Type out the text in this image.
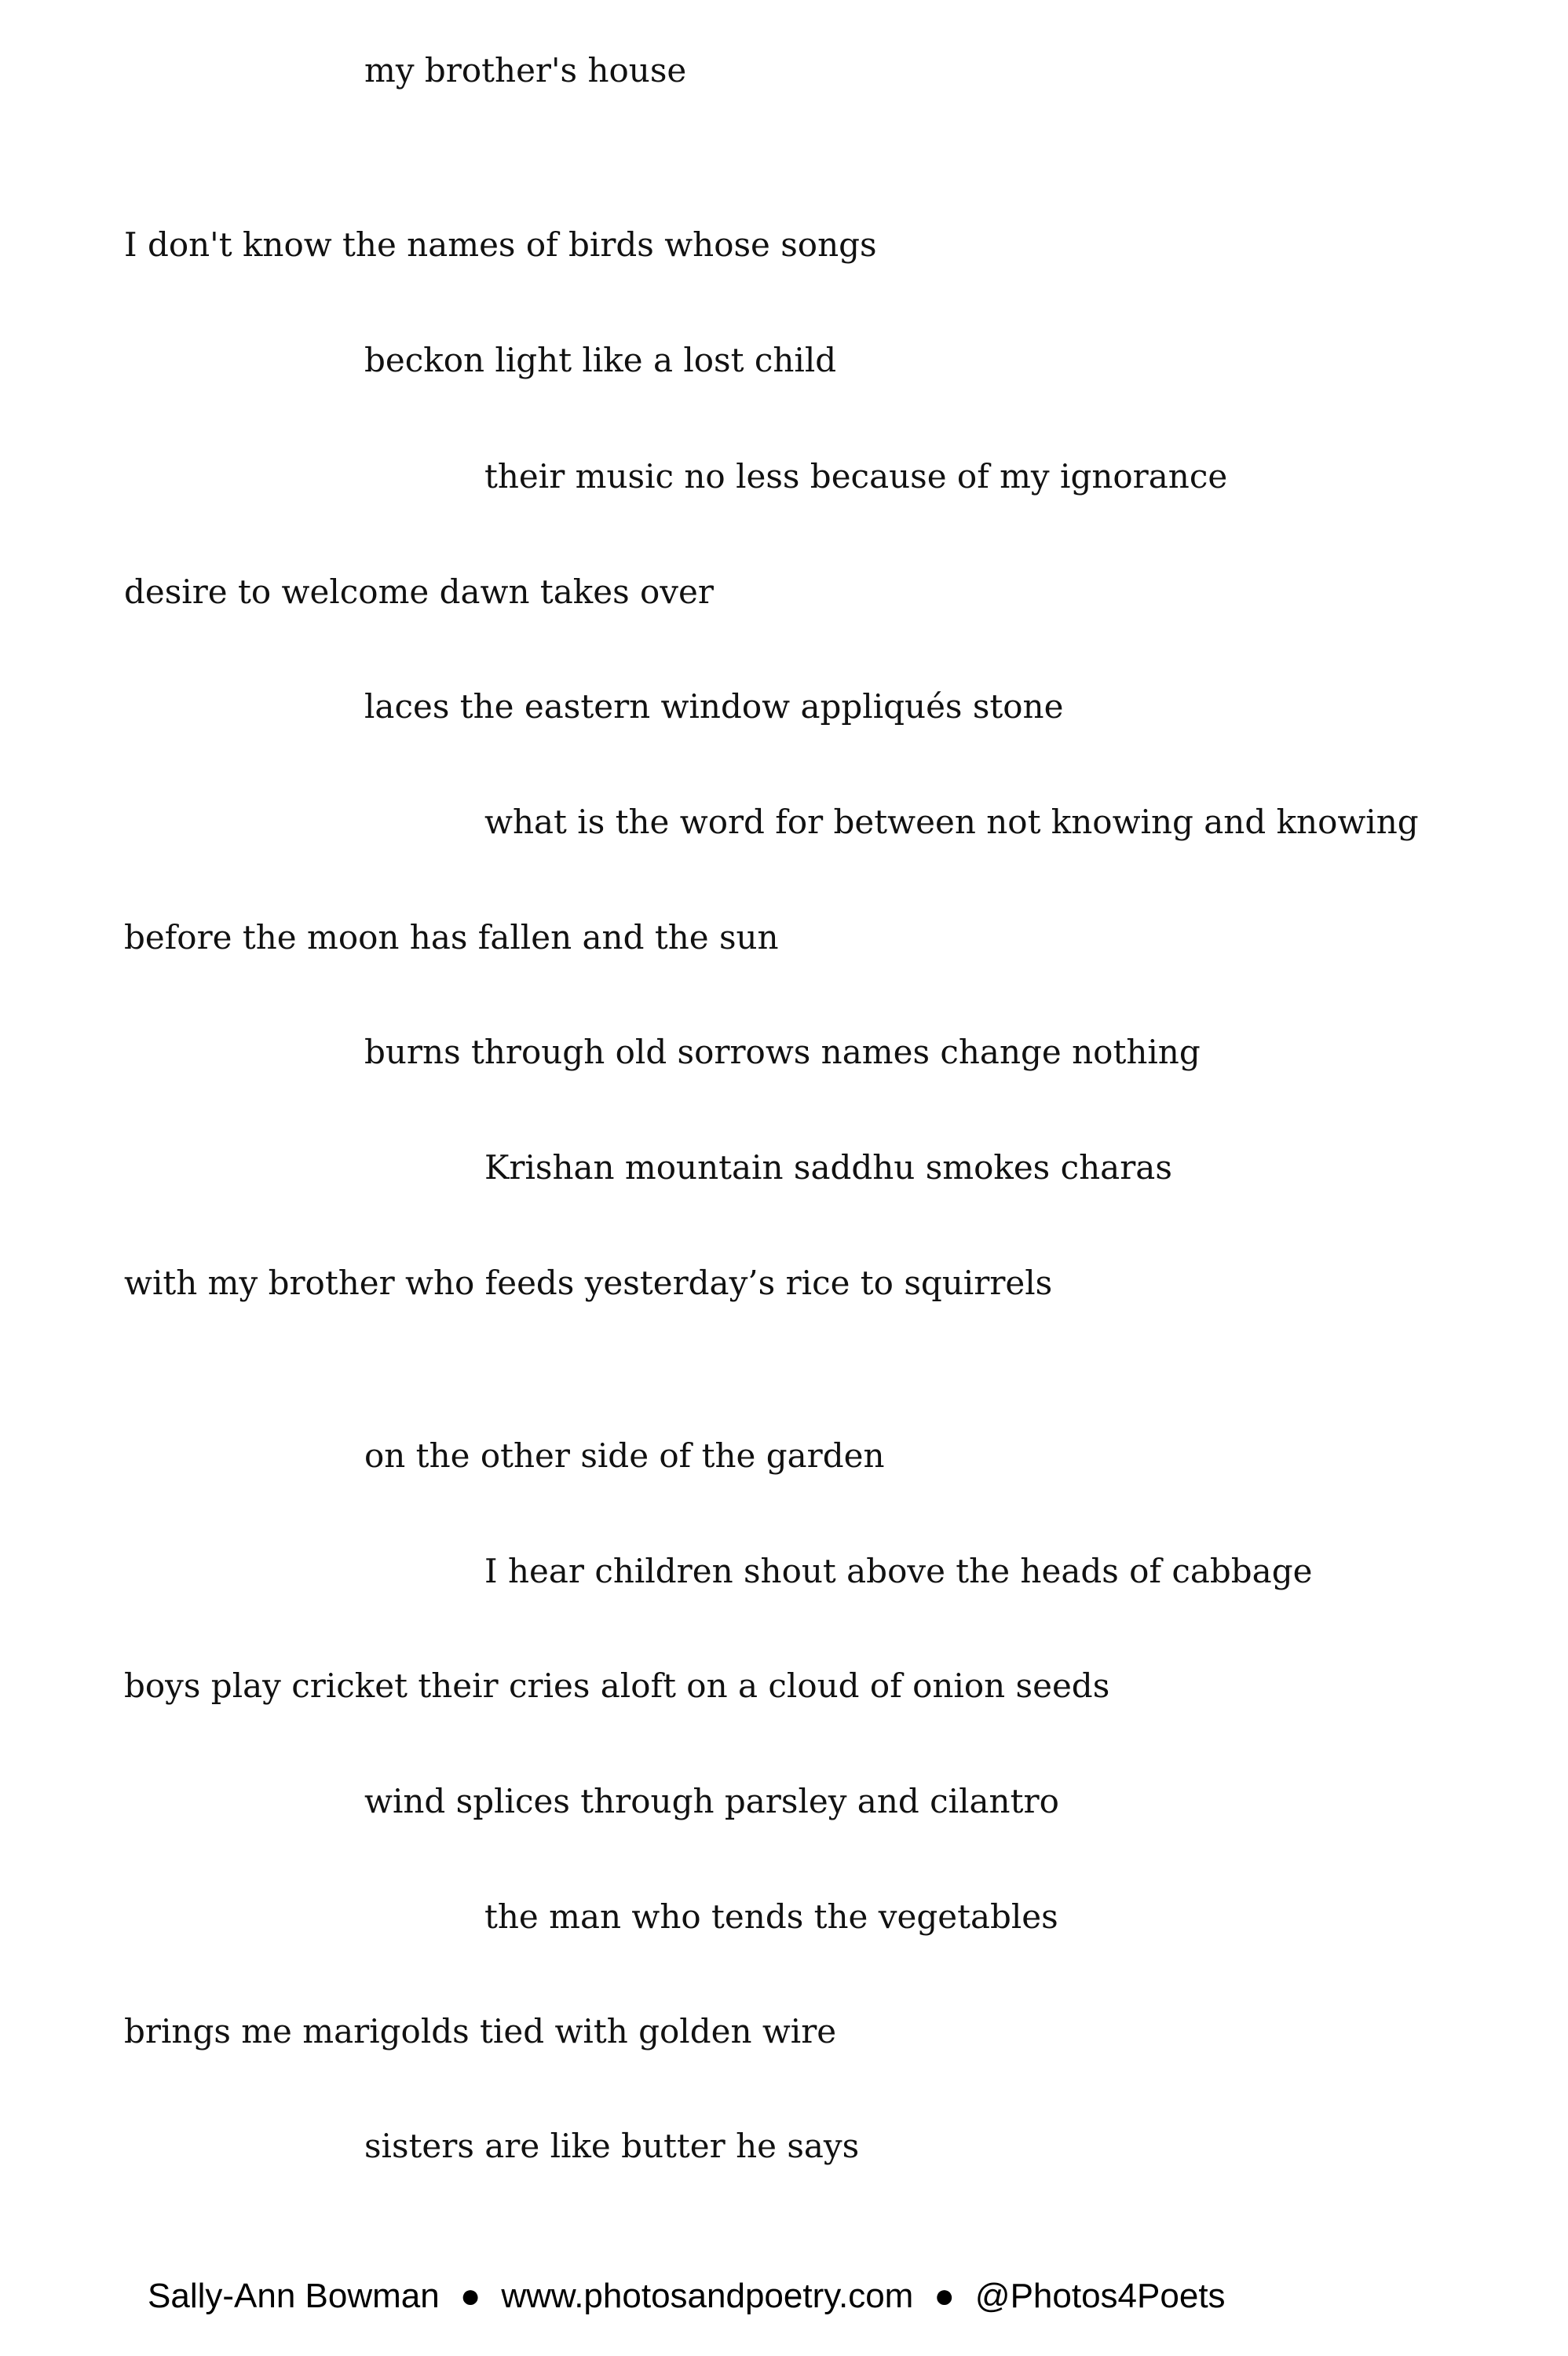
my brother's house
I don't know the names of birds whose songs
beckon light like a lost child
their music no less because of my ignorance
desire to welcome dawn takes over
laces the eastern window appliqués stone
what is the word for between not knowing and knowing
before the moon has fallen and the sun
burns through old sorrows names change nothing
Krishan mountain saddhu smokes charas
with my brother who feeds yesterday’s rice to squirrels
on the other side of the garden
I hear children shout above the heads of cabbage
boys play cricket their cries aloft on a cloud of onion seeds
wind splices through parsley and cilantro
the man who tends the vegetables
brings me marigolds tied with golden wire
sisters are like butter he says
Sally-Ann Bowman ● www.photosandpoetry.com ● @Photos4Poets
